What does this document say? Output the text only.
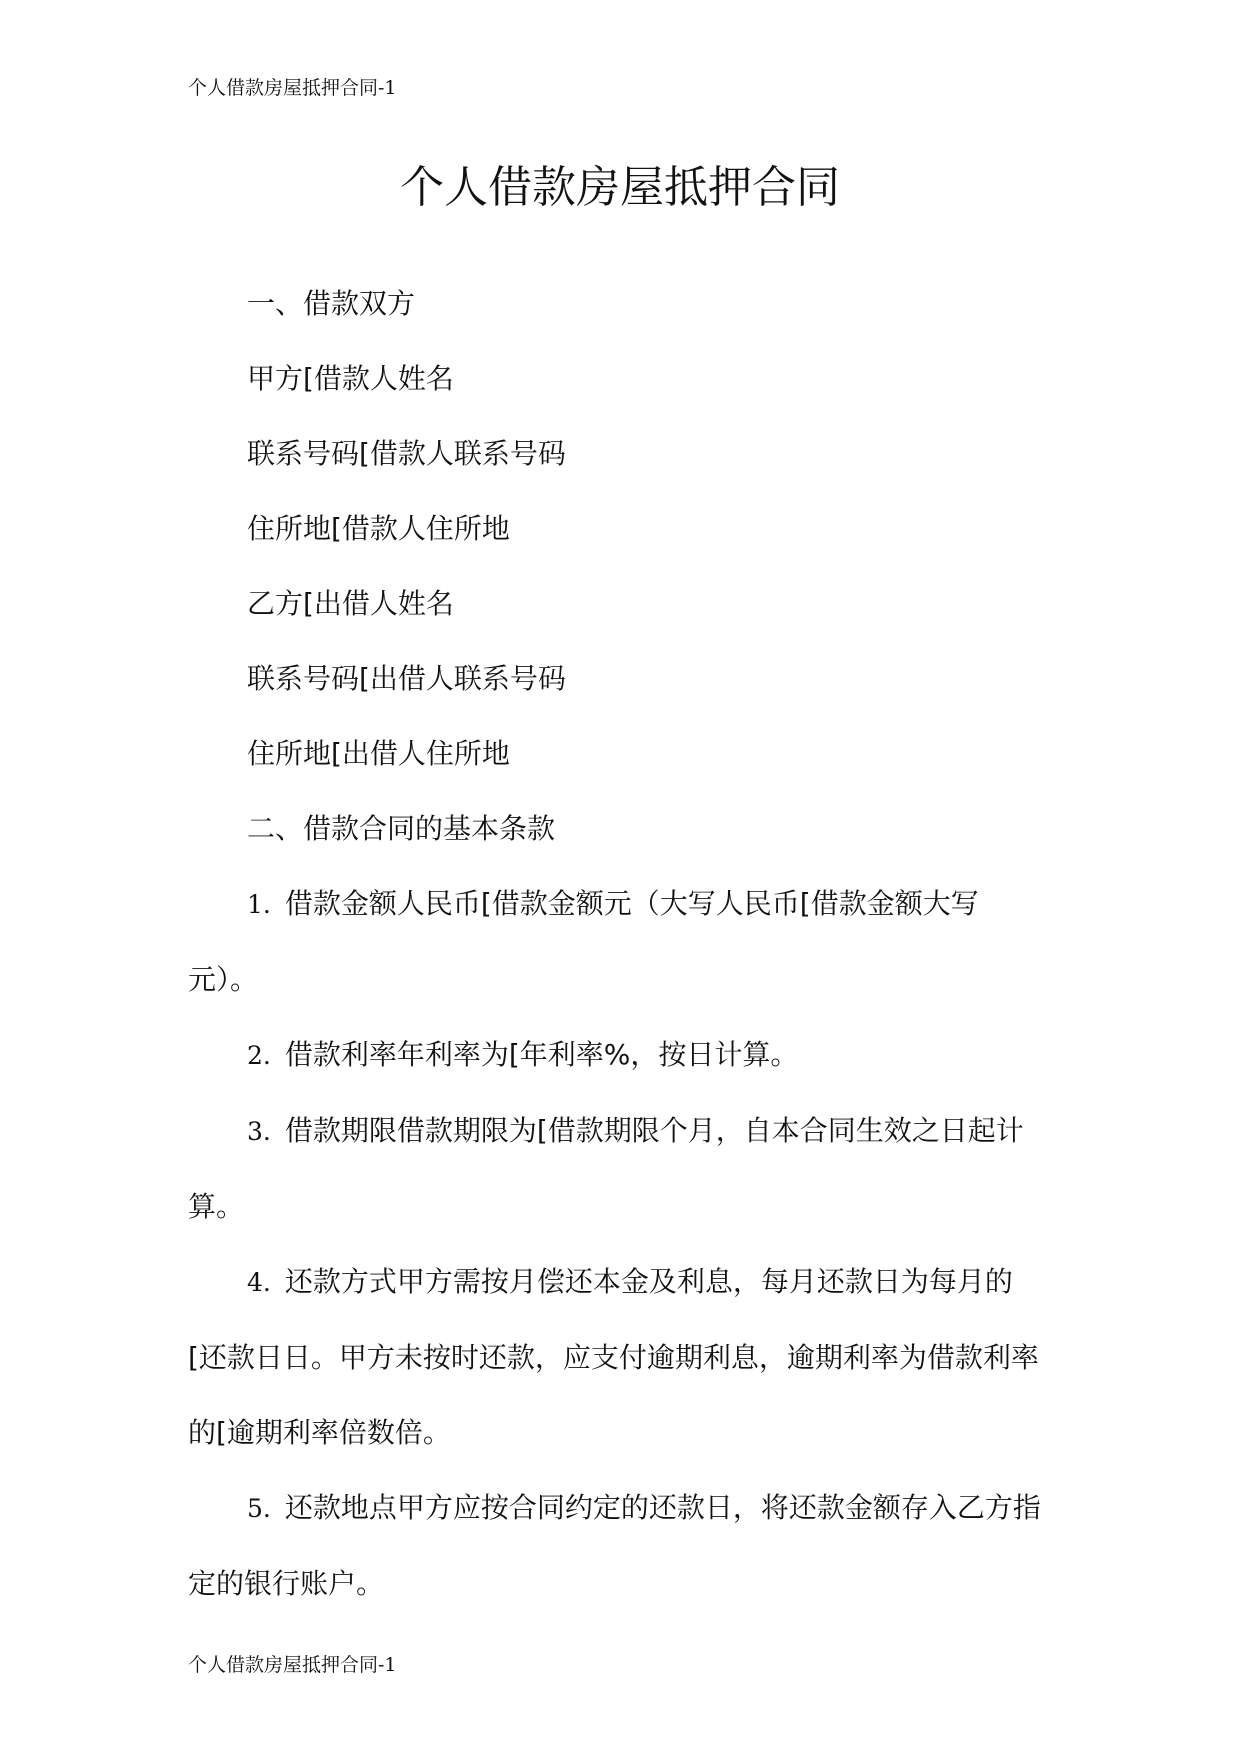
个人借款房屋抵押合同-1
个人借款房屋抵押合同

一、借款双方

甲方[借款人姓名

联系号码[借款人联系号码

住所地[借款人住所地

乙方[出借人姓名

联系号码[出借人联系号码

住所地[出借人住所地

二、借款合同的基本条款

1. 借款金额人民币[借款金额元（大写人民币[借款金额大写元）。

2. 借款利率年利率为[年利率%，按日计算。

3. 借款期限借款期限为[借款期限个月，自本合同生效之日起计算。

4. 还款方式甲方需按月偿还本金及利息，每月还款日为每月的[还款日日。甲方未按时还款，应支付逾期利息，逾期利率为借款利率的[逾期利率倍数倍。

5. 还款地点甲方应按合同约定的还款日，将还款金额存入乙方指定的银行账户。

个人借款房屋抵押合同-1
